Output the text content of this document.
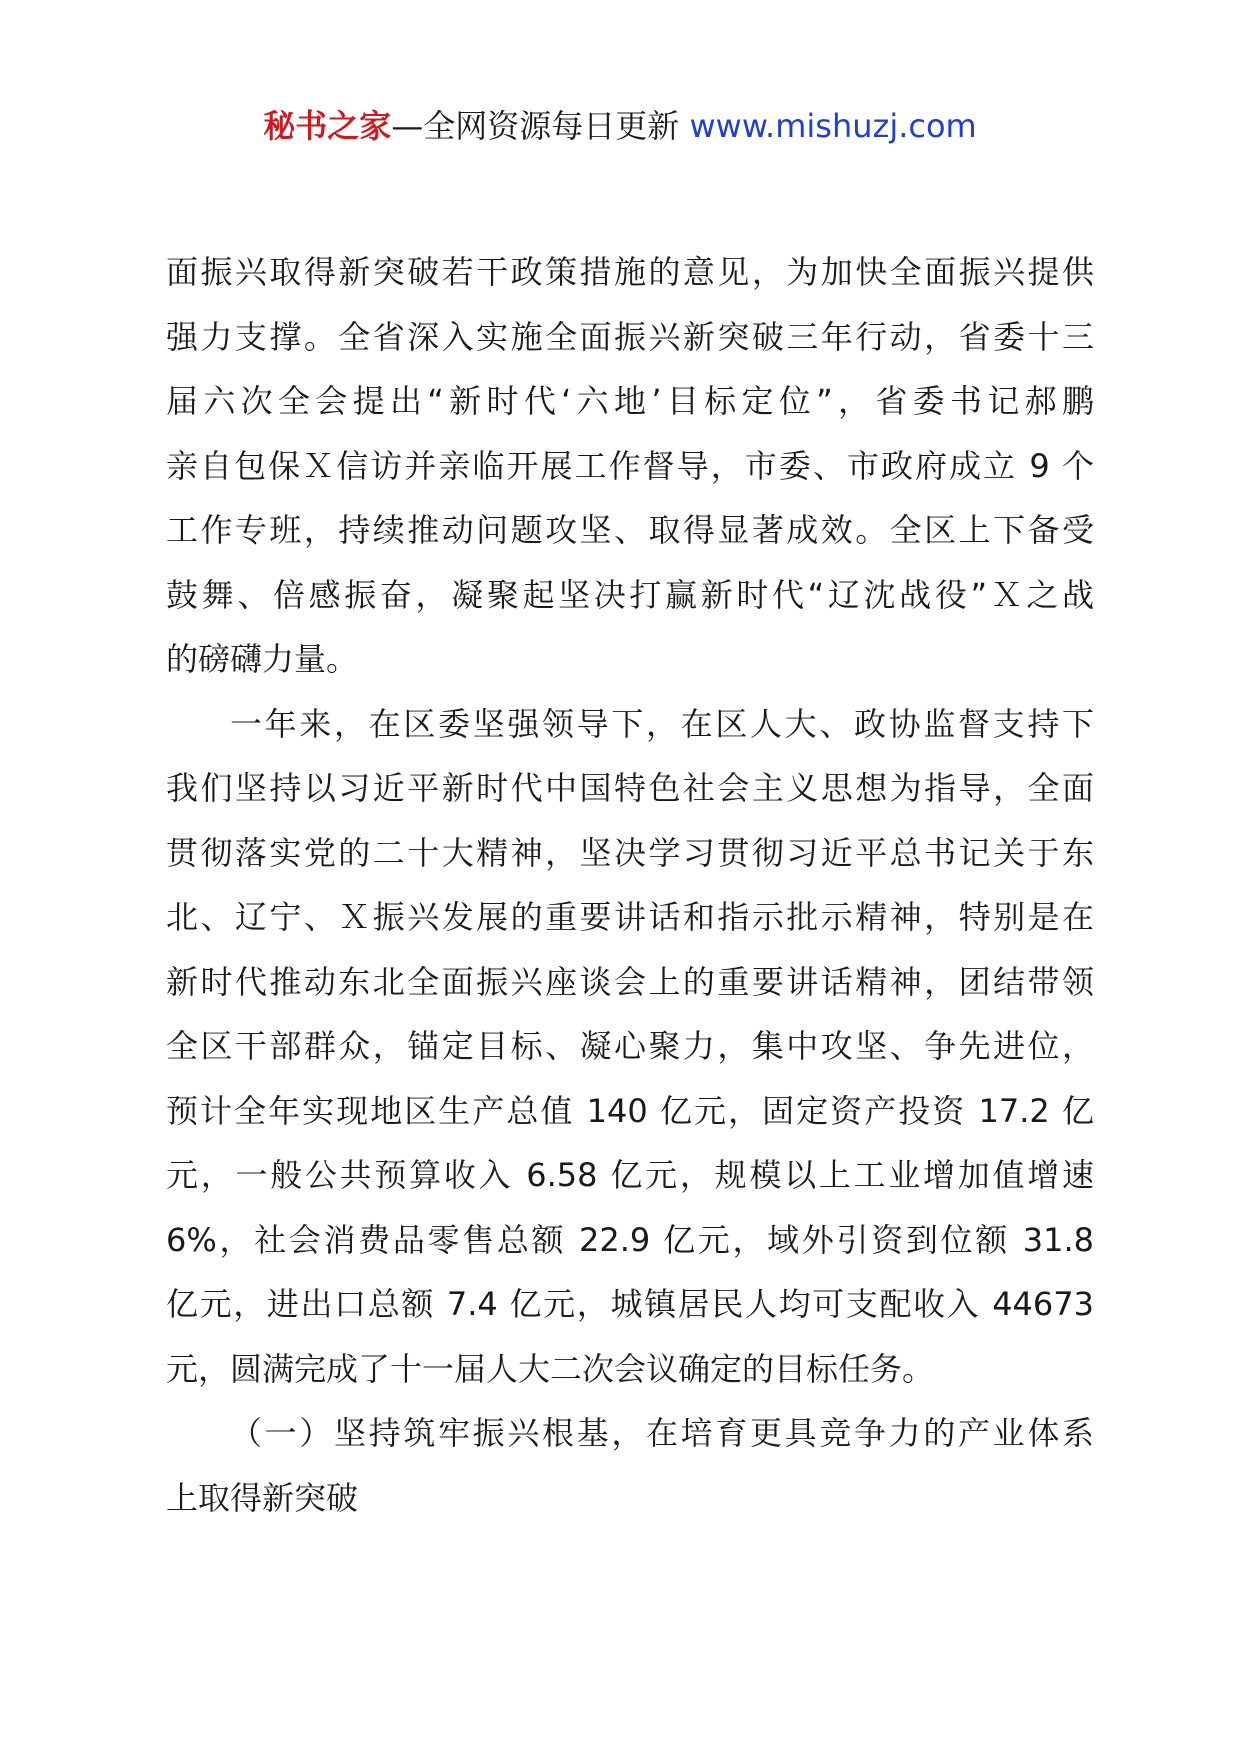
秘书之家—全网资源每日更新 www.mishuzj.com

面振兴取得新突破若干政策措施的意见，为加快全面振兴提供
强力支撑。全省深入实施全面振兴新突破三年行动，省委十三
届六次全会提出“新时代‘六地’目标定位”，省委书记郝鹏
亲自包保Ｘ信访并亲临开展工作督导，市委、市政府成立 9 个
工作专班，持续推动问题攻坚、取得显著成效。全区上下备受
鼓舞、倍感振奋，凝聚起坚决打赢新时代“辽沈战役”Ｘ之战
的磅礴力量。

一年来，在区委坚强领导下，在区人大、政协监督支持下
我们坚持以习近平新时代中国特色社会主义思想为指导，全面
贯彻落实党的二十大精神，坚决学习贯彻习近平总书记关于东
北、辽宁、Ｘ振兴发展的重要讲话和指示批示精神，特别是在
新时代推动东北全面振兴座谈会上的重要讲话精神，团结带领
全区干部群众，锚定目标、凝心聚力，集中攻坚、争先进位，
预计全年实现地区生产总值 140 亿元，固定资产投资 17.2 亿
元，一般公共预算收入 6.58 亿元，规模以上工业增加值增速
6%，社会消费品零售总额 22.9 亿元，域外引资到位额 31.8
亿元，进出口总额 7.4 亿元，城镇居民人均可支配收入 44673
元，圆满完成了十一届人大二次会议确定的目标任务。

（一）坚持筑牢振兴根基，在培育更具竞争力的产业体系
上取得新突破
